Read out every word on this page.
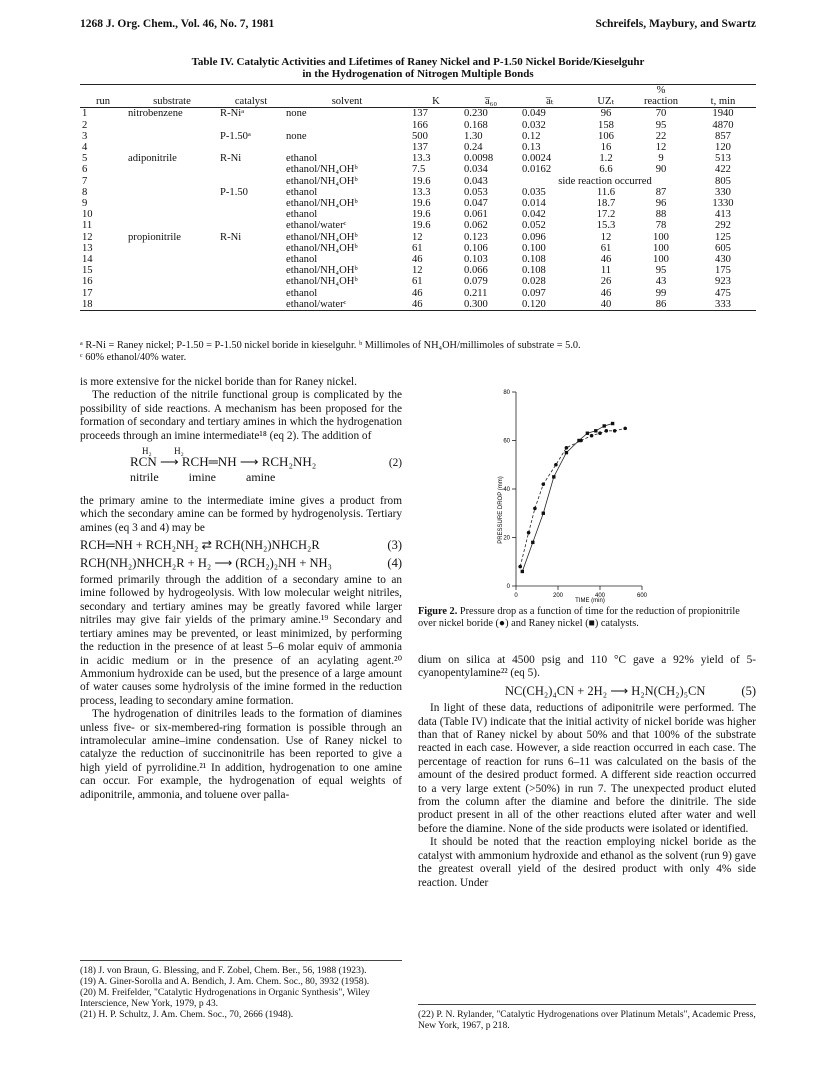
1268 J. Org. Chem., Vol. 46, No. 7, 1981	Schreifels, Maybury, and Swartz
Table IV. Catalytic Activities and Lifetimes of Raney Nickel and P-1.50 Nickel Boride/Kieselguhr
in the Hydrogenation of Nitrogen Multiple Bonds
								%	
run	substrate	catalyst	solvent	K	a̅₆₀	a̅ₜ	UZₜ	reaction	t, min
1	nitrobenzene	R-Niᵃ	none	137	0.230	0.049	96	70	1940
2				166	0.168	0.032	158	95	4870
3		P-1.50ᵃ	none	500	1.30	0.12	106	22	857
4				137	0.24	0.13	16	12	120
5	adiponitrile	R-Ni	ethanol	13.3	0.0098	0.0024	1.2	9	513
6			ethanol/NH₄OHᵇ	7.5	0.034	0.0162	6.6	90	422
7			ethanol/NH₄OHᵇ	19.6	0.043	side reaction occurred			805
8		P-1.50	ethanol	13.3	0.053	0.035	11.6	87	330
9			ethanol/NH₄OHᵇ	19.6	0.047	0.014	18.7	96	1330
10			ethanol	19.6	0.061	0.042	17.2	88	413
11			ethanol/waterᶜ	19.6	0.062	0.052	15.3	78	292
12	propionitrile	R-Ni	ethanol/NH₄OHᵇ	12	0.123	0.096	12	100	125
13			ethanol/NH₄OHᵇ	61	0.106	0.100	61	100	605
14			ethanol	46	0.103	0.108	46	100	430
15			ethanol/NH₄OHᵇ	12	0.066	0.108	11	95	175
16			ethanol/NH₄OHᵇ	61	0.079	0.028	26	43	923
17			ethanol	46	0.211	0.097	46	99	475
18			ethanol/waterᶜ	46	0.300	0.120	40	86	333
ᵃ R-Ni = Raney nickel; P-1.50 = P-1.50 nickel boride in kieselguhr. ᵇ Millimoles of NH₄OH/millimoles of substrate = 5.0.
ᶜ 60% ethanol/40% water.

is more extensive for the nickel boride than for Raney nickel.

The reduction of the nitrile functional group is complicated by the possibility of side reactions. A mechanism has been proposed for the formation of secondary and tertiary amines in which the hydrogenation proceeds through an imine intermediate¹⁸ (eq 2). The addition of

H₂          H₂
RCN ⟶ RCH═NH ⟶ RCH₂NH₂
nitrile          imine          amine
(2)

the primary amine to the intermediate imine gives a product from which the secondary amine can be formed by hydrogenolysis. Tertiary amines (eq 3 and 4) may be

RCH═NH + RCH₂NH₂ ⇄ RCH(NH₂)NHCH₂R	(3)
RCH(NH₂)NHCH₂R + H₂ ⟶ (RCH₂)₂NH + NH₃	(4)

formed primarily through the addition of a secondary amine to an imine followed by hydrogeolysis. With low molecular weight nitriles, secondary and tertiary amines may be greatly favored while larger nitriles may give fair yields of the primary amine.¹⁹ Secondary and tertiary amines may be prevented, or least minimized, by performing the reduction in the presence of at least 5–6 molar equiv of ammonia in acidic medium or in the presence of an acylating agent.²⁰ Ammonium hydroxide can be used, but the presence of a large amount of water causes some hydrolysis of the imine formed in the reduction process, leading to secondary amine formation.

The hydrogenation of dinitriles leads to the formation of diamines unless five- or six-membered-ring formation is possible through an intramolecular amine–imine condensation. Use of Raney nickel to catalyze the reduction of succinonitrile has been reported to give a high yield of pyrrolidine.²¹ In addition, hydrogenation to one amine can occur. For example, the hydrogenation of equal weights of adiponitrile, ammonia, and toluene over palla-

(18) J. von Braun, G. Blessing, and F. Zobel, Chem. Ber., 56, 1988 (1923).

(19) A. Giner-Sorolla and A. Bendich, J. Am. Chem. Soc., 80, 3932 (1958).

(20) M. Freifelder, "Catalytic Hydrogenations in Organic Synthesis", Wiley Interscience, New York, 1979, p 43.

(21) H. P. Schultz, J. Am. Chem. Soc., 70, 2666 (1948).

80
60
40
20
0
0	200	400	600
PRESSURE DROP (mm)
TIME (min)
Figure 2. Pressure drop as a function of time for the reduction of propionitrile over nickel boride (●) and Raney nickel (■) catalysts.

dium on silica at 4500 psig and 110 °C gave a 92% yield of 5-cyanopentylamine²² (eq 5).

NC(CH₂)₄CN + 2H₂ ⟶ H₂N(CH₂)₅CN	(5)

In light of these data, reductions of adiponitrile were performed. The data (Table IV) indicate that the initial activity of nickel boride was higher than that of Raney nickel by about 50% and that 100% of the substrate reacted in each case. However, a side reaction occurred in each case. The percentage of reaction for runs 6–11 was calculated on the basis of the amount of the desired product formed. A different side reaction occurred to a very large extent (>50%) in run 7. The unexpected product eluted from the column after the diamine and before the dinitrile. The side product present in all of the other reactions eluted after water and well before the diamine. None of the side products were isolated or identified.

It should be noted that the reaction employing nickel boride as the catalyst with ammonium hydroxide and ethanol as the solvent (run 9) gave the greatest overall yield of the desired product with only 4% side reaction. Under

(22) P. N. Rylander, "Catalytic Hydrogenations over Platinum Metals", Academic Press, New York, 1967, p 218.
